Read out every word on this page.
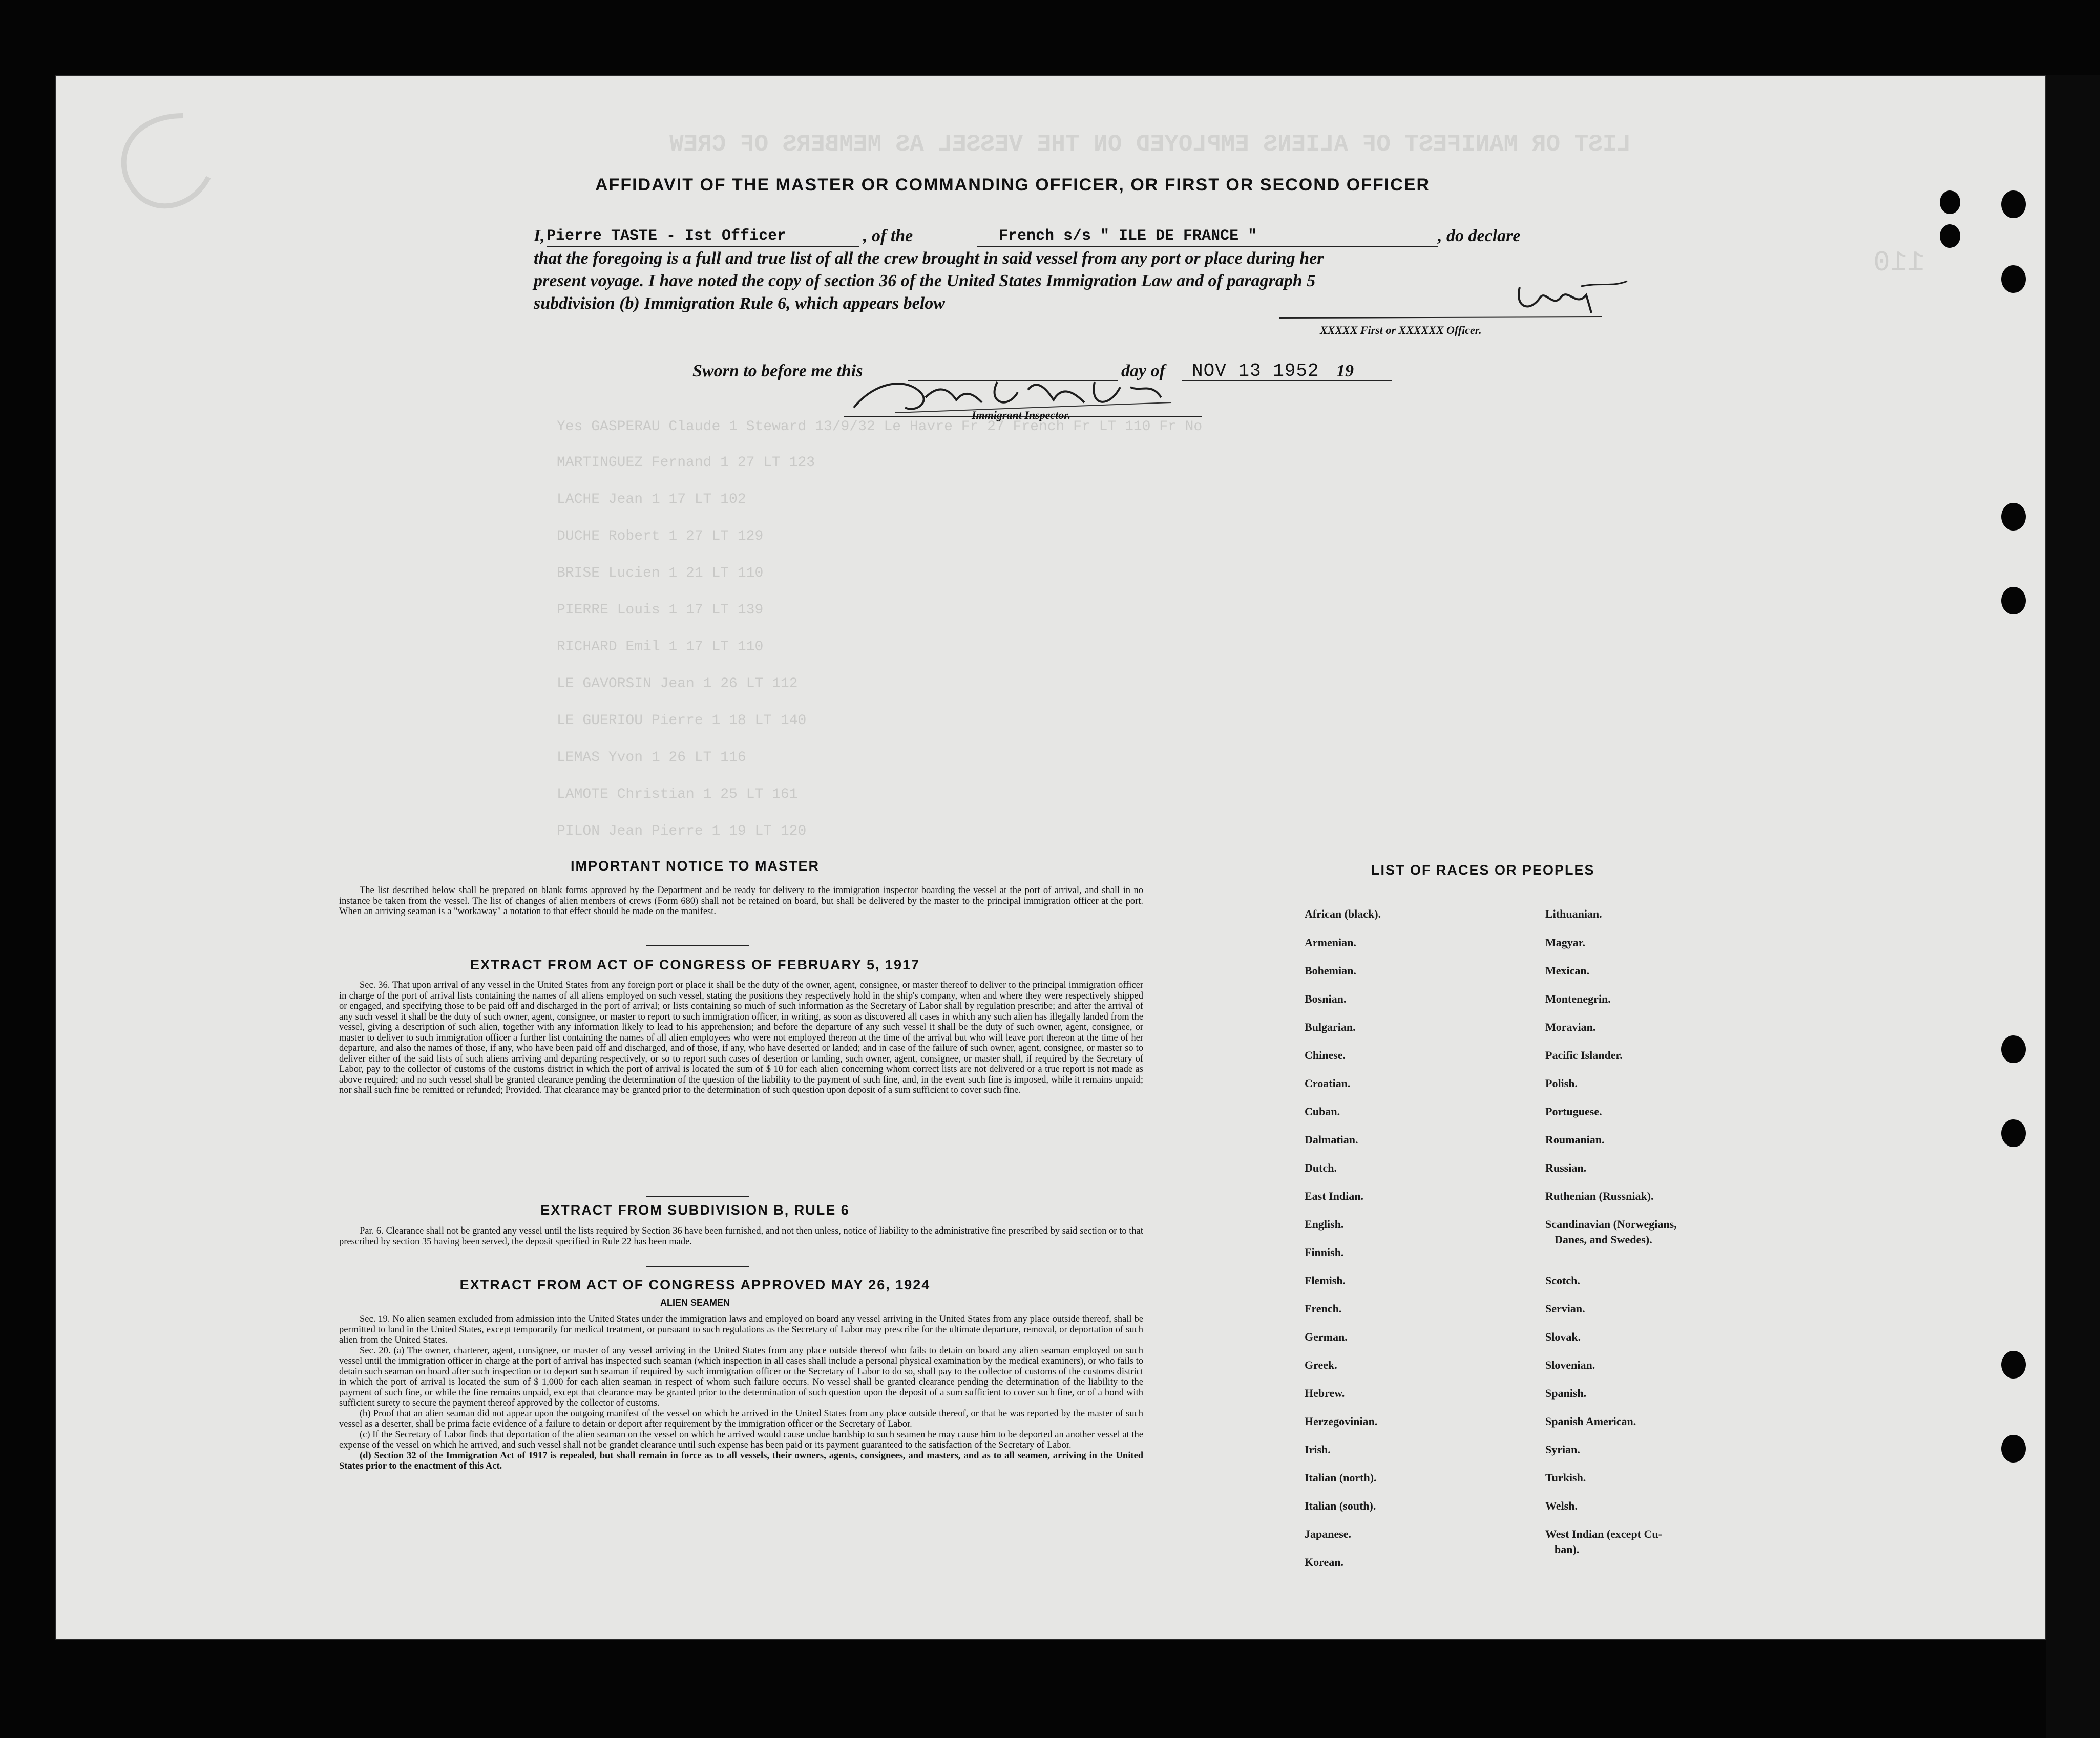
LIST OR MANIFEST OF ALIENS EMPLOYED ON THE VESSEL AS MEMBERS OF CREW
110
Yes GASPERAU Claude 1 Steward 13/9/32 Le Havre Fr 27 French Fr LT 110 Fr No
MARTINGUEZ Fernand 1 27 LT 123
LACHE Jean 1 17 LT 102
DUCHE Robert 1 27 LT 129
BRISE Lucien 1 21 LT 110
PIERRE Louis 1 17 LT 139
RICHARD Emil 1 17 LT 110
LE GAVORSIN Jean 1 26 LT 112
LE GUERIOU Pierre 1 18 LT 140
LEMAS Yvon 1 26 LT 116
LAMOTE Christian 1 25 LT 161
PILON Jean Pierre 1 19 LT 120
AFFIDAVIT OF THE MASTER OR COMMANDING OFFICER, OR FIRST OR SECOND OFFICER
I, Pierre TASTE - Ist Officer	, of the	French s/s " ILE DE FRANCE "	, do declare
that the foregoing is a full and true list of all the crew brought in said vessel from any port or place during her
present voyage. I have noted the copy of section 36 of the United States Immigration Law and of paragraph 5
subdivision (b) Immigration Rule 6, which appears below
XXXXX First or XXXXXX Officer.
Sworn to before me this	day of NOV 13 1952 19
Immigrant Inspector.
IMPORTANT NOTICE TO MASTER

The list described below shall be prepared on blank forms approved by the Department and be ready for delivery to the immigration inspector boarding the vessel at the port of arrival, and shall in no instance be taken from the vessel. The list of changes of alien members of crews (Form 680) shall not be retained on board, but shall be delivered by the master to the principal immigration officer at the port. When an arriving seaman is a "workaway" a notation to that effect should be made on the manifest.

EXTRACT FROM ACT OF CONGRESS OF FEBRUARY 5, 1917

Sec. 36. That upon arrival of any vessel in the United States from any foreign port or place it shall be the duty of the owner, agent, consignee, or master thereof to deliver to the principal immigration officer in charge of the port of arrival lists containing the names of all aliens employed on such vessel, stating the positions they respectively hold in the ship's company, when and where they were respectively shipped or engaged, and specifying those to be paid off and discharged in the port of arrival; or lists containing so much of such information as the Secretary of Labor shall by regulation prescribe; and after the arrival of any such vessel it shall be the duty of such owner, agent, consignee, or master to report to such immigration officer, in writing, as soon as discovered all cases in which any such alien has illegally landed from the vessel, giving a description of such alien, together with any information likely to lead to his apprehension; and before the departure of any such vessel it shall be the duty of such owner, agent, consignee, or master to deliver to such immigration officer a further list containing the names of all alien employees who were not employed thereon at the time of the arrival but who will leave port thereon at the time of her departure, and also the names of those, if any, who have been paid off and discharged, and of those, if any, who have deserted or landed; and in case of the failure of such owner, agent, consignee, or master so to deliver either of the said lists of such aliens arriving and departing respectively, or so to report such cases of desertion or landing, such owner, agent, consignee, or master shall, if required by the Secretary of Labor, pay to the collector of customs of the customs district in which the port of arrival is located the sum of $ 10 for each alien concerning whom correct lists are not delivered or a true report is not made as above required; and no such vessel shall be granted clearance pending the determination of the question of the liability to the payment of such fine, and, in the event such fine is imposed, while it remains unpaid; nor shall such fine be remitted or refunded; Provided. That clearance may be granted prior to the determination of such question upon deposit of a sum sufficient to cover such fine.

EXTRACT FROM SUBDIVISION B, RULE 6

Par. 6. Clearance shall not be granted any vessel until the lists required by Section 36 have been furnished, and not then unless, notice of liability to the administrative fine prescribed by said section or to that prescribed by section 35 having been served, the deposit specified in Rule 22 has been made.

EXTRACT FROM ACT OF CONGRESS APPROVED MAY 26, 1924
ALIEN SEAMEN

Sec. 19. No alien seamen excluded from admission into the United States under the immigration laws and employed on board any vessel arriving in the United States from any place outside thereof, shall be permitted to land in the United States, except temporarily for medical treatment, or pursuant to such regulations as the Secretary of Labor may prescribe for the ultimate departure, removal, or deportation of such alien from the United States.

Sec. 20. (a) The owner, charterer, agent, consignee, or master of any vessel arriving in the United States from any place outside thereof who fails to detain on board any alien seaman employed on such vessel until the immigration officer in charge at the port of arrival has inspected such seaman (which inspection in all cases shall include a personal physical examination by the medical examiners), or who fails to detain such seaman on board after such inspection or to deport such seaman if required by such immigration officer or the Secretary of Labor to do so, shall pay to the collector of customs of the customs district in which the port of arrival is located the sum of $ 1,000 for each alien seaman in respect of whom such failure occurs. No vessel shall be granted clearance pending the determination of the liability to the payment of such fine, or while the fine remains unpaid, except that clearance may be granted prior to the determination of such question upon the deposit of a sum sufficient to cover such fine, or of a bond with sufficient surety to secure the payment thereof approved by the collector of customs.

(b) Proof that an alien seaman did not appear upon the outgoing manifest of the vessel on which he arrived in the United States from any place outside thereof, or that he was reported by the master of such vessel as a deserter, shall be prima facie evidence of a failure to detain or deport after requirement by the immigration officer or the Secretary of Labor.

(c) If the Secretary of Labor finds that deportation of the alien seaman on the vessel on which he arrived would cause undue hardship to such seamen he may cause him to be deported an another vessel at the expense of the vessel on which he arrived, and such vessel shall not be grandet clearance until such expense has been paid or its payment guaranteed to the satisfaction of the Secretary of Labor.

(d) Section 32 of the Immigration Act of 1917 is repealed, but shall remain in force as to all vessels, their owners, agents, consignees, and masters, and as to all seamen, arriving in the United States prior to the enactment of this Act.

LIST OF RACES OR PEOPLES
African (black).
Armenian.
Bohemian.
Bosnian.
Bulgarian.
Chinese.
Croatian.
Cuban.
Dalmatian.
Dutch.
East Indian.
English.
Finnish.
Flemish.
French.
German.
Greek.
Hebrew.
Herzegovinian.
Irish.
Italian (north).
Italian (south).
Japanese.
Korean.
Lithuanian.
Magyar.
Mexican.
Montenegrin.
Moravian.
Pacific Islander.
Polish.
Portuguese.
Roumanian.
Russian.
Ruthenian (Russniak).
Scandinavian (Norwegians,
Danes, and Swedes).
Scotch.
Servian.
Slovak.
Slovenian.
Spanish.
Spanish American.
Syrian.
Turkish.
Welsh.
West Indian (except Cu-
ban).
